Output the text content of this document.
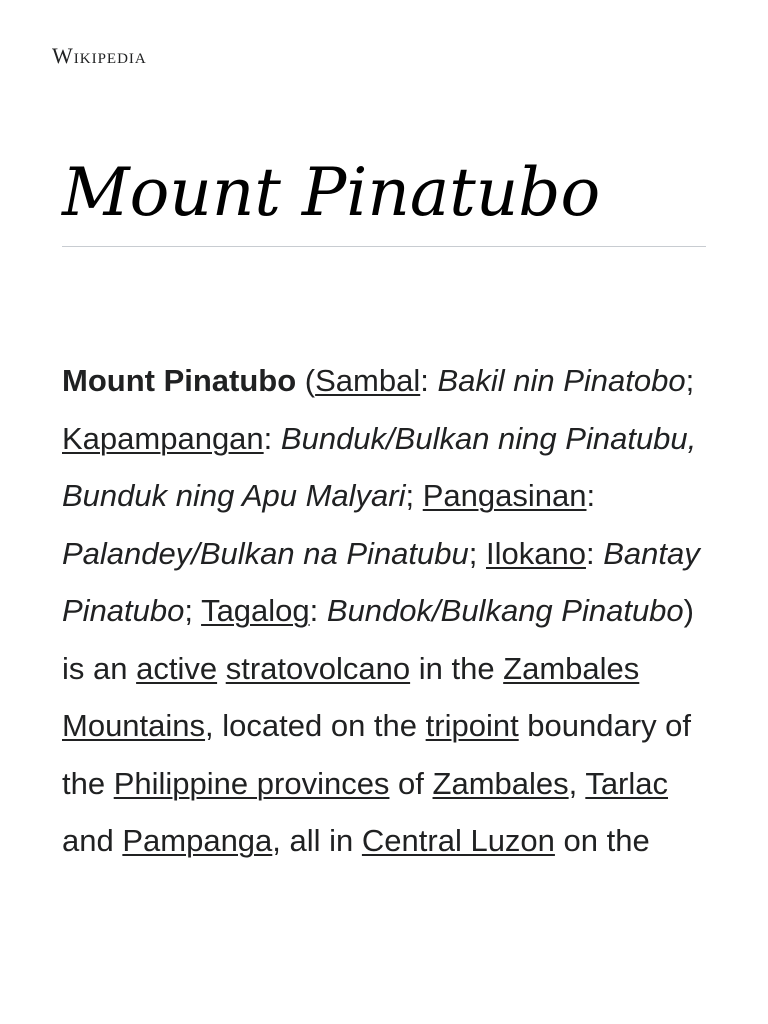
Wikipedia
Mount Pinatubo

Mount Pinatubo (Sambal: Bakil nin Pinatobo; Kapampangan: Bunduk/Bulkan ning Pinatubu, Bunduk ning Apu Malyari; Pangasinan: Palandey/Bulkan na Pinatubu; Ilokano: Bantay Pinatubo; Tagalog: Bundok/Bulkang Pinatubo) is an active stratovolcano in the Zambales Mountains, located on the tripoint boundary of the Philippine provinces of Zambales, Tarlac and Pampanga, all in Central Luzon on the
